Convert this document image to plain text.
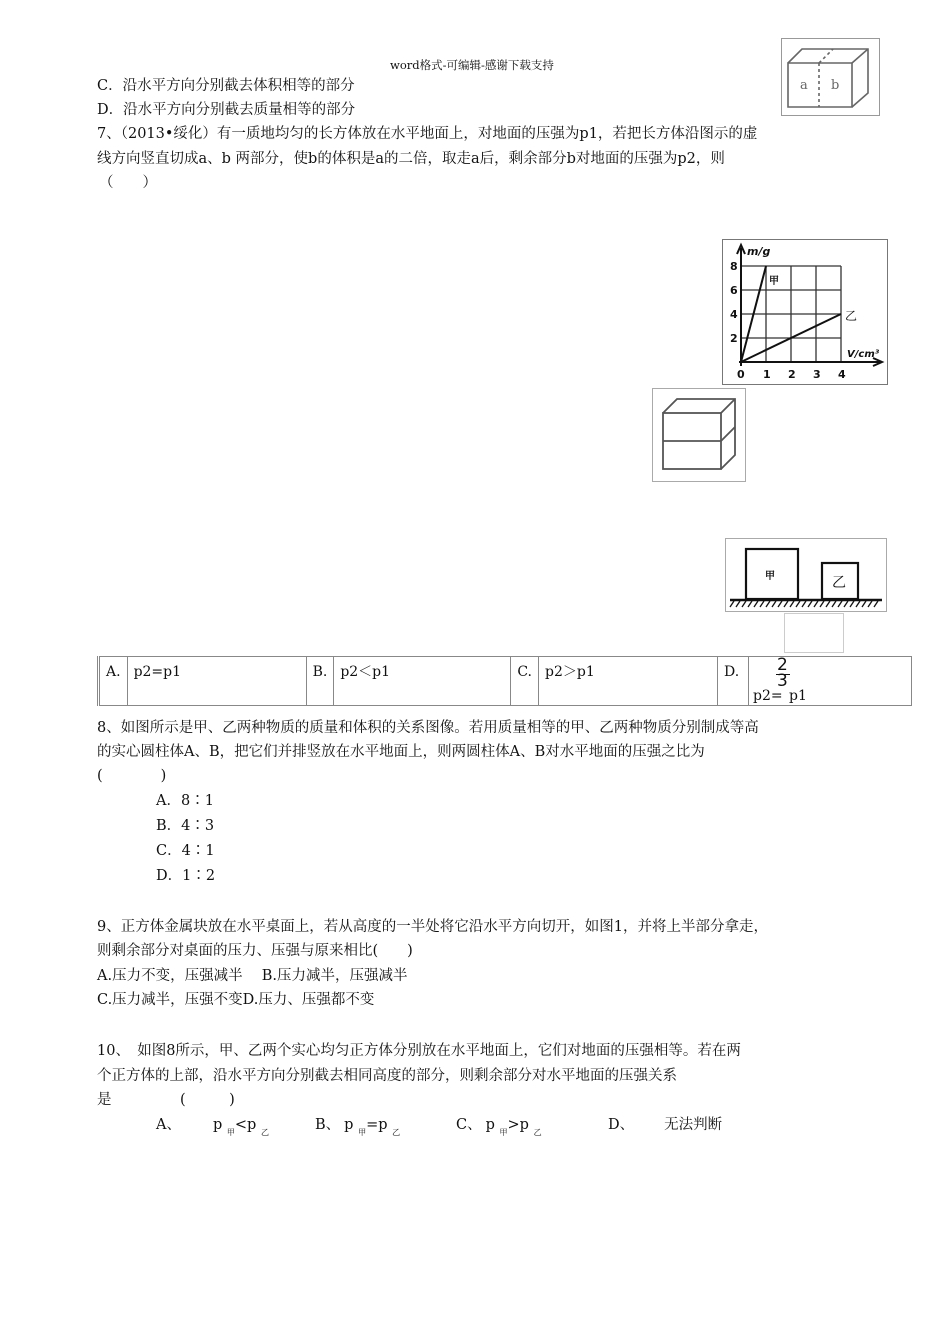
word格式-可编辑-感谢下载支持
C．沿水平方向分别截去体积相等的部分
D．沿水平方向分别截去质量相等的部分
7、（2013•绥化）有一质地均匀的长方体放在水平地面上，对地面的压强为p1，若把长方体沿图示的虚
线方向竖直切成a、b 两部分，使b的体积是a的二倍，取走a后，剩余部分b对地面的压强为p2，则
（　　）
a b
m/g
V/cm³
0
2
4
6
8
1 2 3 4
甲
乙
甲	乙
A.	p2=p1	B.	p2＜p1	C.	p2＞p1	D.	2
3
p2= p1
8、如图所示是甲、乙两种物质的质量和体积的关系图像。若用质量相等的甲、乙两种物质分别制成等高
的实心圆柱体A、B，把它们并排竖放在水平地面上，则两圆柱体A、B对水平地面的压强之比为
(　　　　)
A．8∶1
B．4∶3
C．4∶1
D．1∶2
9、正方体金属块放在水平桌面上，若从高度的一半处将它沿水平方向切开，如图1，并将上半部分拿走，
则剩余部分对桌面的压力、压强与原来相比(　　)
A.压力不变，压强减半　 B.压力减半，压强减半
C.压力减半，压强不变D.压力、压强都不变
10、　如图8所示，甲、乙两个实心均匀正方体分别放在水平地面上，它们对地面的压强相等。若在两
个正方体的上部，沿水平方向分别截去相同高度的部分，则剩余部分对水平地面的压强关系
是	(　　　)
A、 p $_甲$<p $_乙$	B、 p $_甲$=p $_乙$	C、 p $_甲$>p $_乙$	D、 无法判断
